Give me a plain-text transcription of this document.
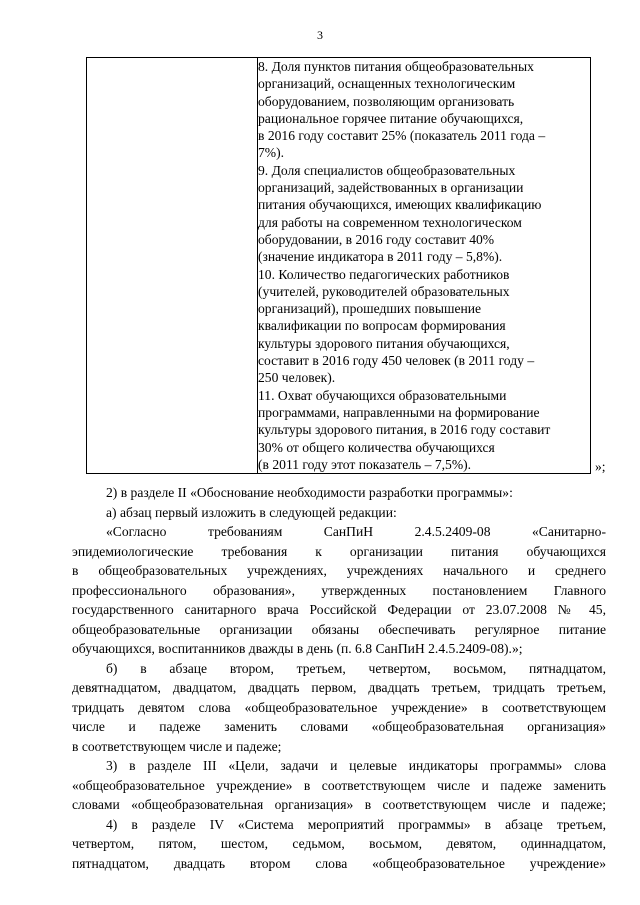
3

8. Доля пунктов питания общеобразовательных
организаций, оснащенных технологическим
оборудованием, позволяющим организовать
рациональное горячее питание обучающихся,
в 2016 году составит 25% (показатель 2011 года –
7%).

9. Доля специалистов общеобразовательных
организаций, задействованных в организации
питания обучающихся, имеющих квалификацию
для работы на современном технологическом
оборудовании, в 2016 году составит 40%
(значение индикатора в 2011 году – 5,8%).

10. Количество педагогических работников
(учителей, руководителей образовательных
организаций), прошедших повышение
квалификации по вопросам формирования
культуры здорового питания обучающихся,
составит в 2016 году 450 человек (в 2011 году –
250 человек).

11. Охват обучающихся образовательными
программами, направленными на формирование
культуры здорового питания, в 2016 году составит
30% от общего количества обучающихся
(в 2011 году этот показатель – 7,5%).	»;
2) в разделе II «Обоснование необходимости разработки программы»:
а) абзац первый изложить в следующей редакции:
«Согласно требованиям СанПиН 2.4.5.2409-08 «Санитарно-
эпидемиологические требования к организации питания обучающихся
в общеобразовательных учреждениях, учреждениях начального и среднего
профессионального образования», утвержденных постановлением Главного
государственного санитарного врача Российской Федерации от 23.07.2008 № 45,
общеобразовательные организации обязаны обеспечивать регулярное питание
обучающихся, воспитанников дважды в день (п. 6.8 СанПиН 2.4.5.2409-08).»;
б) в абзаце втором, третьем, четвертом, восьмом, пятнадцатом,
девятнадцатом, двадцатом, двадцать первом, двадцать третьем, тридцать третьем,
тридцать девятом слова «общеобразовательное учреждение» в соответствующем
числе и падеже заменить словами «общеобразовательная организация»
в соответствующем числе и падеже;
3) в разделе III «Цели, задачи и целевые индикаторы программы» слова
«общеобразовательное учреждение» в соответствующем числе и падеже заменить
словами «общеобразовательная организация» в соответствующем числе и падеже;
4) в разделе IV «Система мероприятий программы» в абзаце третьем,
четвертом, пятом, шестом, седьмом, восьмом, девятом, одиннадцатом,
пятнадцатом, двадцать втором слова «общеобразовательное учреждение»
